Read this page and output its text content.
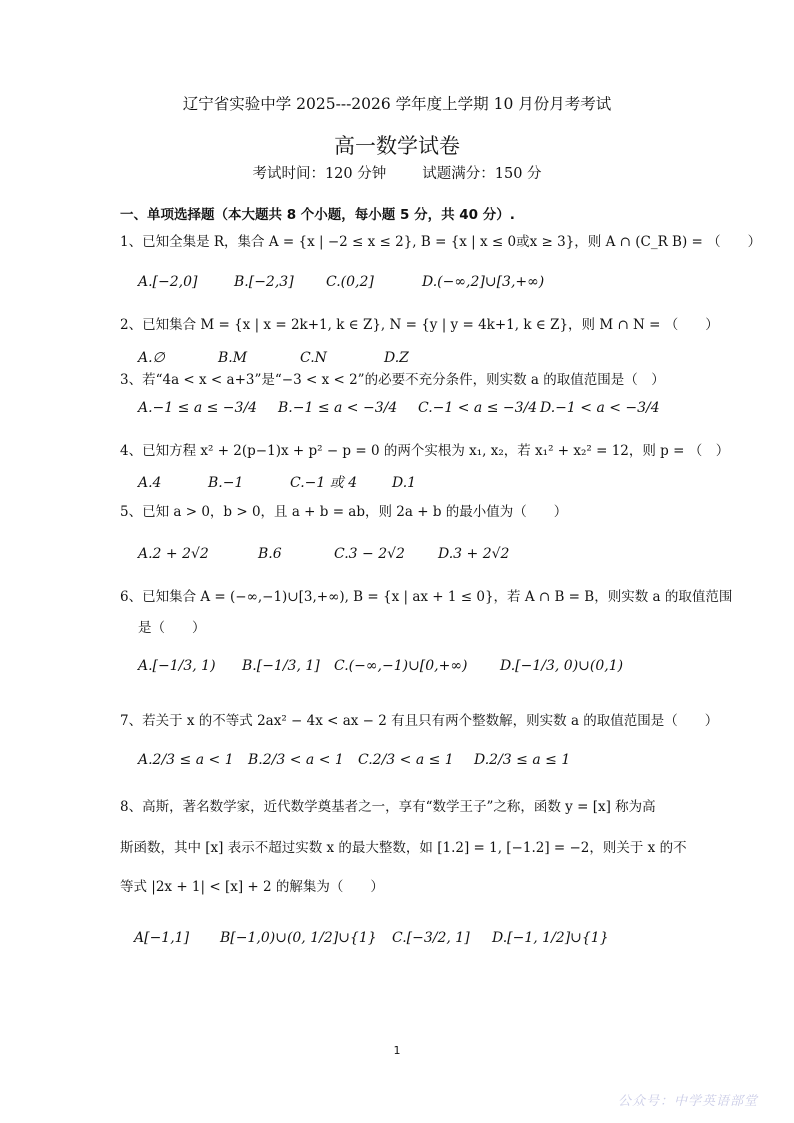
辽宁省实验中学 2025---2026 学年度上学期 10 月份月考考试
高一数学试卷
考试时间：120 分钟 试题满分：150 分
一、单项选择题（本大题共 8 个小题，每小题 5 分，共 40 分）.
1、已知全集是 R，集合 A = {x | −2 ≤ x ≤ 2}, B = {x | x ≤ 0或x ≥ 3}，则 A ∩ (C_R B) = （　　）
A.[−2,0]	B.[−2,3] C.(0,2]	D.(−∞,2]∪[3,+∞)
2、已知集合 M = {x | x = 2k+1, k ∈ Z}, N = {y | y = 4k+1, k ∈ Z}，则 M ∩ N = （　　）
A.∅	B.M	C.N	D.Z
3、若“4a < x < a+3”是“−3 < x < 2”的必要不充分条件，则实数 a 的取值范围是（　）
A.−1 ≤ a ≤ −3/4 B.−1 ≤ a < −3/4 C.−1 < a ≤ −3/4 D.−1 < a < −3/4
4、已知方程 x² + 2(p−1)x + p² − p = 0 的两个实根为 x₁, x₂，若 x₁² + x₂² = 12，则 p = （　）
A.4	B.−1	C.−1 或 4 D.1
5、已知 a > 0，b > 0，且 a + b = ab，则 2a + b 的最小值为（　　）
A.2 + 2√2	B.6	C.3 − 2√2 D.3 + 2√2
6、已知集合 A = (−∞,−1)∪[3,+∞), B = {x | ax + 1 ≤ 0}，若 A ∩ B = B，则实数 a 的取值范围
是（　　）
A.[−1/3, 1) B.[−1/3, 1] C.(−∞,−1)∪[0,+∞) D.[−1/3, 0)∪(0,1)
7、若关于 x 的不等式 2ax² − 4x < ax − 2 有且只有两个整数解，则实数 a 的取值范围是（　　）
A.2/3 ≤ a < 1 B.2/3 < a < 1 C.2/3 < a ≤ 1 D.2/3 ≤ a ≤ 1
8、高斯，著名数学家，近代数学奠基者之一，享有“数学王子”之称，函数 y = [x] 称为高
斯函数，其中 [x] 表示不超过实数 x 的最大整数，如 [1.2] = 1, [−1.2] = −2，则关于 x 的不
等式 |2x + 1| < [x] + 2 的解集为（　　）
A[−1,1] B[−1,0)∪(0, 1/2]∪{1} C.[−3/2, 1] D.[−1, 1/2]∪{1}
1
公众号：中学英语部堂
